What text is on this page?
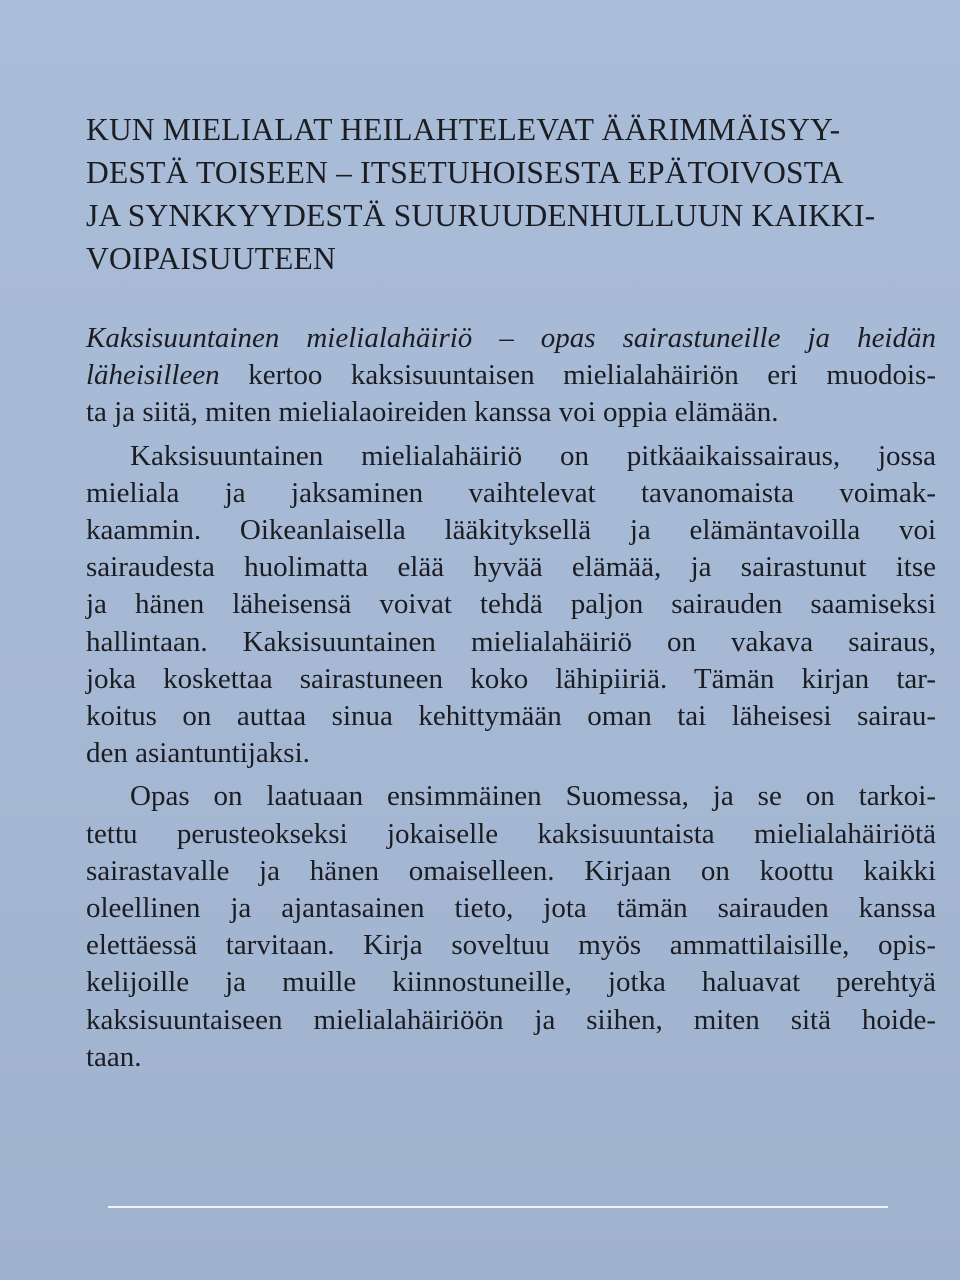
KUN MIELIALAT HEILAHTELEVAT ÄÄRIMMÄISYY-
DESTÄ TOISEEN – ITSETUHOISESTA EPÄTOIVOSTA
JA SYNKKYYDESTÄ SUURUUDENHULLUUN KAIKKI-
VOIPAISUUTEEN
Kaksisuuntainen mielialahäiriö – opas sairastuneille ja heidän
läheisilleen kertoo kaksisuuntaisen mielialahäiriön eri muodois-
ta ja siitä, miten mielialaoireiden kanssa voi oppia elämään.
Kaksisuuntainen mielialahäiriö on pitkäaikaissairaus, jossa
mieliala ja jaksaminen vaihtelevat tavanomaista voimak-
kaammin. Oikeanlaisella lääkityksellä ja elämäntavoilla voi
sairaudesta huolimatta elää hyvää elämää, ja sairastunut itse
ja hänen läheisensä voivat tehdä paljon sairauden saamiseksi
hallintaan. Kaksisuuntainen mielialahäiriö on vakava sairaus,
joka koskettaa sairastuneen koko lähipiiriä. Tämän kirjan tar-
koitus on auttaa sinua kehittymään oman tai läheisesi sairau-
den asiantuntijaksi.
Opas on laatuaan ensimmäinen Suomessa, ja se on tarkoi-
tettu perusteokseksi jokaiselle kaksisuuntaista mielialahäiriötä
sairastavalle ja hänen omaiselleen. Kirjaan on koottu kaikki
oleellinen ja ajantasainen tieto, jota tämän sairauden kanssa
elettäessä tarvitaan. Kirja soveltuu myös ammattilaisille, opis-
kelijoille ja muille kiinnostuneille, jotka haluavat perehtyä
kaksisuuntaiseen mielialahäiriöön ja siihen, miten sitä hoide-
taan.
